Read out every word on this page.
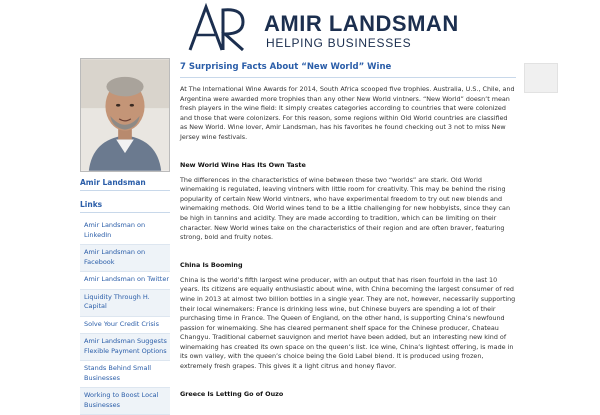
AMIR LANDSMAN
HELPING BUSINESSES
Amir Landsman
Links
Amir Landsman on LinkedIn
Amir Landsman on Facebook
Amir Landsman on Twitter
Liquidity Through H. Capital
Solve Your Credit Crisis
Amir Landsman Suggests Flexible Payment Options
Stands Behind Small Businesses
Working to Boost Local Businesses
7 Surprising Facts About “New World” Wine

At The International Wine Awards for 2014, South Africa scooped five trophies. Australia, U.S., Chile, and Argentina were awarded more trophies than any other New World vintners. “New World” doesn’t mean fresh players in the wine field: It simply creates categories according to countries that were colonized and those that were colonizers. For this reason, some regions within Old World countries are classified as New World. Wine lover, Amir Landsman, has his favorites he found checking out 3 not to miss New Jersey wine festivals.

New World Wine Has Its Own Taste

The differences in the characteristics of wine between these two “worlds” are stark. Old World winemaking is regulated, leaving vintners with little room for creativity. This may be behind the rising popularity of certain New World vintners, who have experimental freedom to try out new blends and winemaking methods. Old World wines tend to be a little challenging for new hobbyists, since they can be high in tannins and acidity. They are made according to tradition, which can be limiting on their character. New World wines take on the characteristics of their region and are often braver, featuring strong, bold and fruity notes.

China Is Booming

China is the world’s fifth largest wine producer, with an output that has risen fourfold in the last 10 years. Its citizens are equally enthusiastic about wine, with China becoming the largest consumer of red wine in 2013 at almost two billion bottles in a single year. They are not, however, necessarily supporting their local winemakers: France is drinking less wine, but Chinese buyers are spending a lot of their purchasing time in France. The Queen of England, on the other hand, is supporting China’s newfound passion for winemaking. She has cleared permanent shelf space for the Chinese producer, Chateau Changyu. Traditional cabernet sauvignon and merlot have been added, but an interesting new kind of winemaking has created its own space on the queen’s list. Ice wine, China’s lightest offering, is made in its own valley, with the queen’s choice being the Gold Label blend. It is produced using frozen, extremely fresh grapes. This gives it a light citrus and honey flavor.

Greece Is Letting Go of Ouzo
